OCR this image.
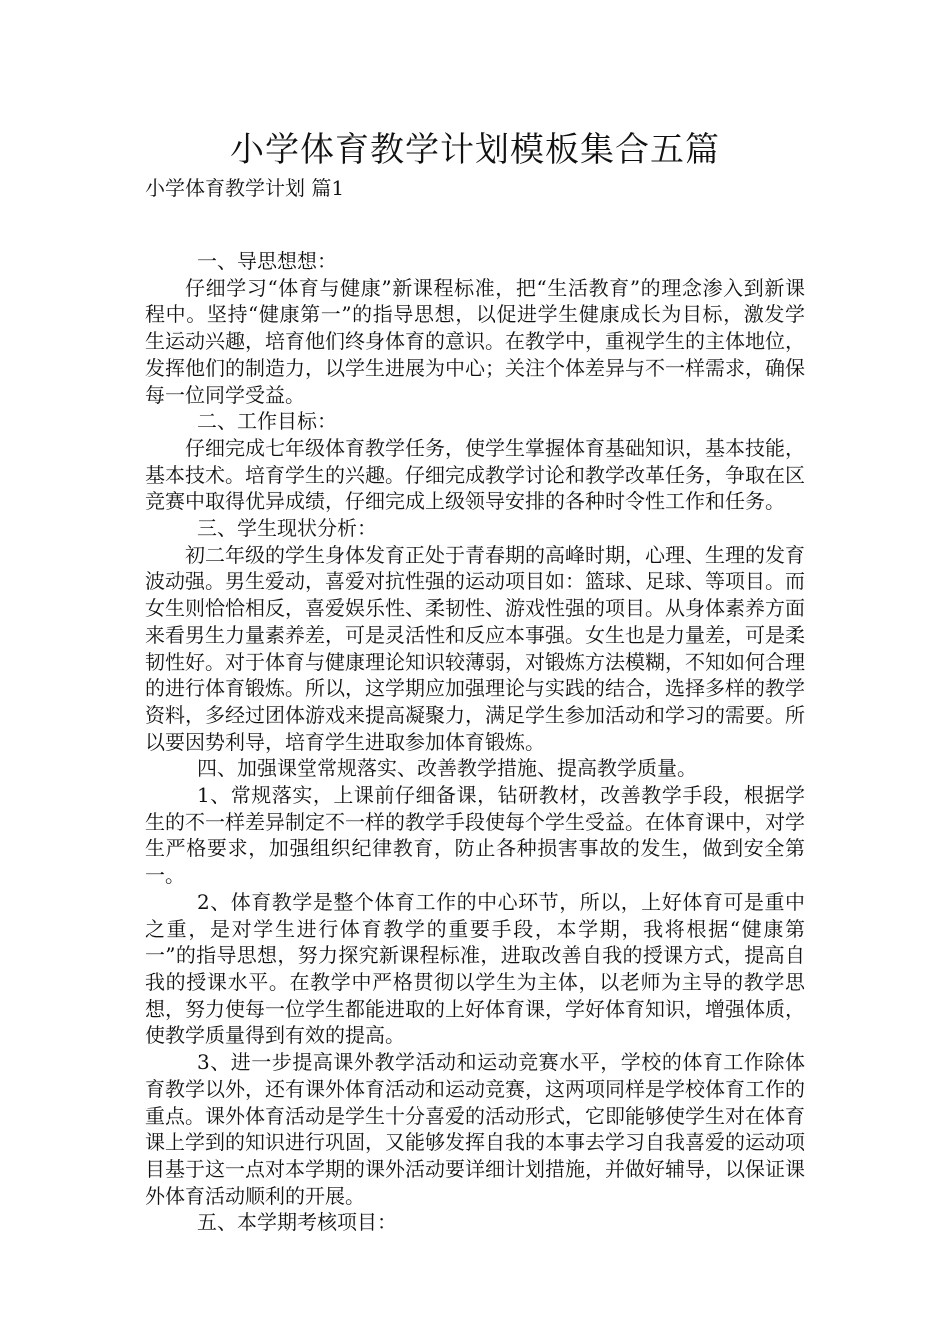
小学体育教学计划模板集合五篇
小学体育教学计划 篇1

一、导思想想：

仔细学习“体育与健康”新课程标准，把“生活教育”的理念渗入到新课程中。坚持“健康第一”的指导思想，以促进学生健康成长为目标，激发学生运动兴趣，培育他们终身体育的意识。在教学中，重视学生的主体地位，发挥他们的制造力，以学生进展为中心；关注个体差异与不一样需求，确保每一位同学受益。

二、工作目标：

仔细完成七年级体育教学任务，使学生掌握体育基础知识，基本技能，基本技术。培育学生的兴趣。仔细完成教学讨论和教学改革任务，争取在区竞赛中取得优异成绩，仔细完成上级领导安排的各种时令性工作和任务。

三、学生现状分析：

初二年级的学生身体发育正处于青春期的高峰时期，心理、生理的发育波动强。男生爱动，喜爱对抗性强的运动项目如：篮球、足球、等项目。而女生则恰恰相反，喜爱娱乐性、柔韧性、游戏性强的项目。从身体素养方面来看男生力量素养差，可是灵活性和反应本事强。女生也是力量差，可是柔韧性好。对于体育与健康理论知识较薄弱，对锻炼方法模糊，不知如何合理的进行体育锻炼。所以，这学期应加强理论与实践的结合，选择多样的教学资料，多经过团体游戏来提高凝聚力，满足学生参加活动和学习的需要。所以要因势利导，培育学生进取参加体育锻炼。

四、加强课堂常规落实、改善教学措施、提高教学质量。

1、常规落实，上课前仔细备课，钻研教材，改善教学手段，根据学生的不一样差异制定不一样的教学手段使每个学生受益。在体育课中，对学生严格要求，加强组织纪律教育，防止各种损害事故的发生，做到安全第一。

2、体育教学是整个体育工作的中心环节，所以，上好体育可是重中之重，是对学生进行体育教学的重要手段，本学期，我将根据“健康第一”的指导思想，努力探究新课程标准，进取改善自我的授课方式，提高自我的授课水平。在教学中严格贯彻以学生为主体，以老师为主导的教学思想，努力使每一位学生都能进取的上好体育课，学好体育知识，增强体质，使教学质量得到有效的提高。

3、进一步提高课外教学活动和运动竞赛水平，学校的体育工作除体育教学以外，还有课外体育活动和运动竞赛，这两项同样是学校体育工作的重点。课外体育活动是学生十分喜爱的活动形式，它即能够使学生对在体育课上学到的知识进行巩固，又能够发挥自我的本事去学习自我喜爱的运动项目基于这一点对本学期的课外活动要详细计划措施，并做好辅导，以保证课外体育活动顺利的开展。

五、本学期考核项目：
